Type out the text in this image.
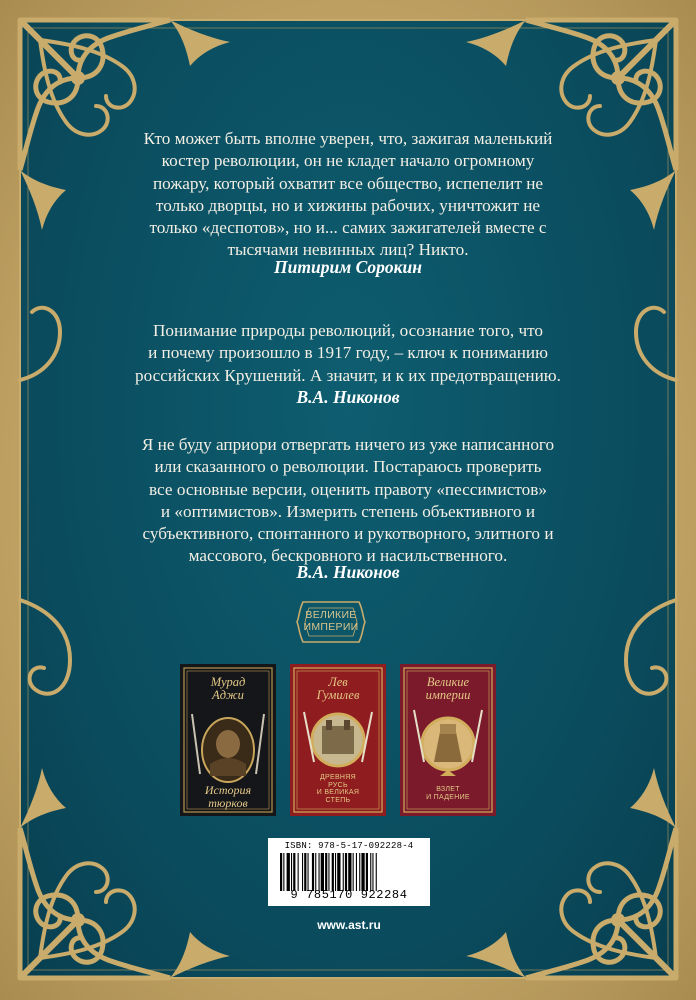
Кто может быть вполне уверен, что, зажигая маленький
костер революции, он не кладет начало огромному
пожару, который охватит все общество, испепелит не
только дворцы, но и хижины рабочих, уничтожит не
только «деспотов», но и... самих зажигателей вместе с
тысячами невинных лиц? Никто.

Питирим Сорокин

Понимание природы революций, осознание того, что
и почему произошло в 1917 году, – ключ к пониманию
российских Крушений. А значит, и к их предотвращению.

В.А. Никонов

Я не буду априори отвергать ничего из уже написанного
или сказанного о революции. Постараюсь проверить
все основные версии, оценить правоту «пессимистов»
и «оптимистов». Измерить степень объективного и
субъективного, спонтанного и рукотворного, элитного и
массового, бескровного и насильственного.

В.А. Никонов
ВЕЛИКИЕ
ИМПЕРИИ
Мурад
Аджи
История
тюрков
Лев
Гумилев
ДРЕВНЯЯ
РУСЬ
И ВЕЛИКАЯ
СТЕПЬ
Великие
империи
ВЗЛЕТ
И ПАДЕНИЕ
ISBN: 978-5-17-092228-4
9 785170 922284
www.ast.ru
